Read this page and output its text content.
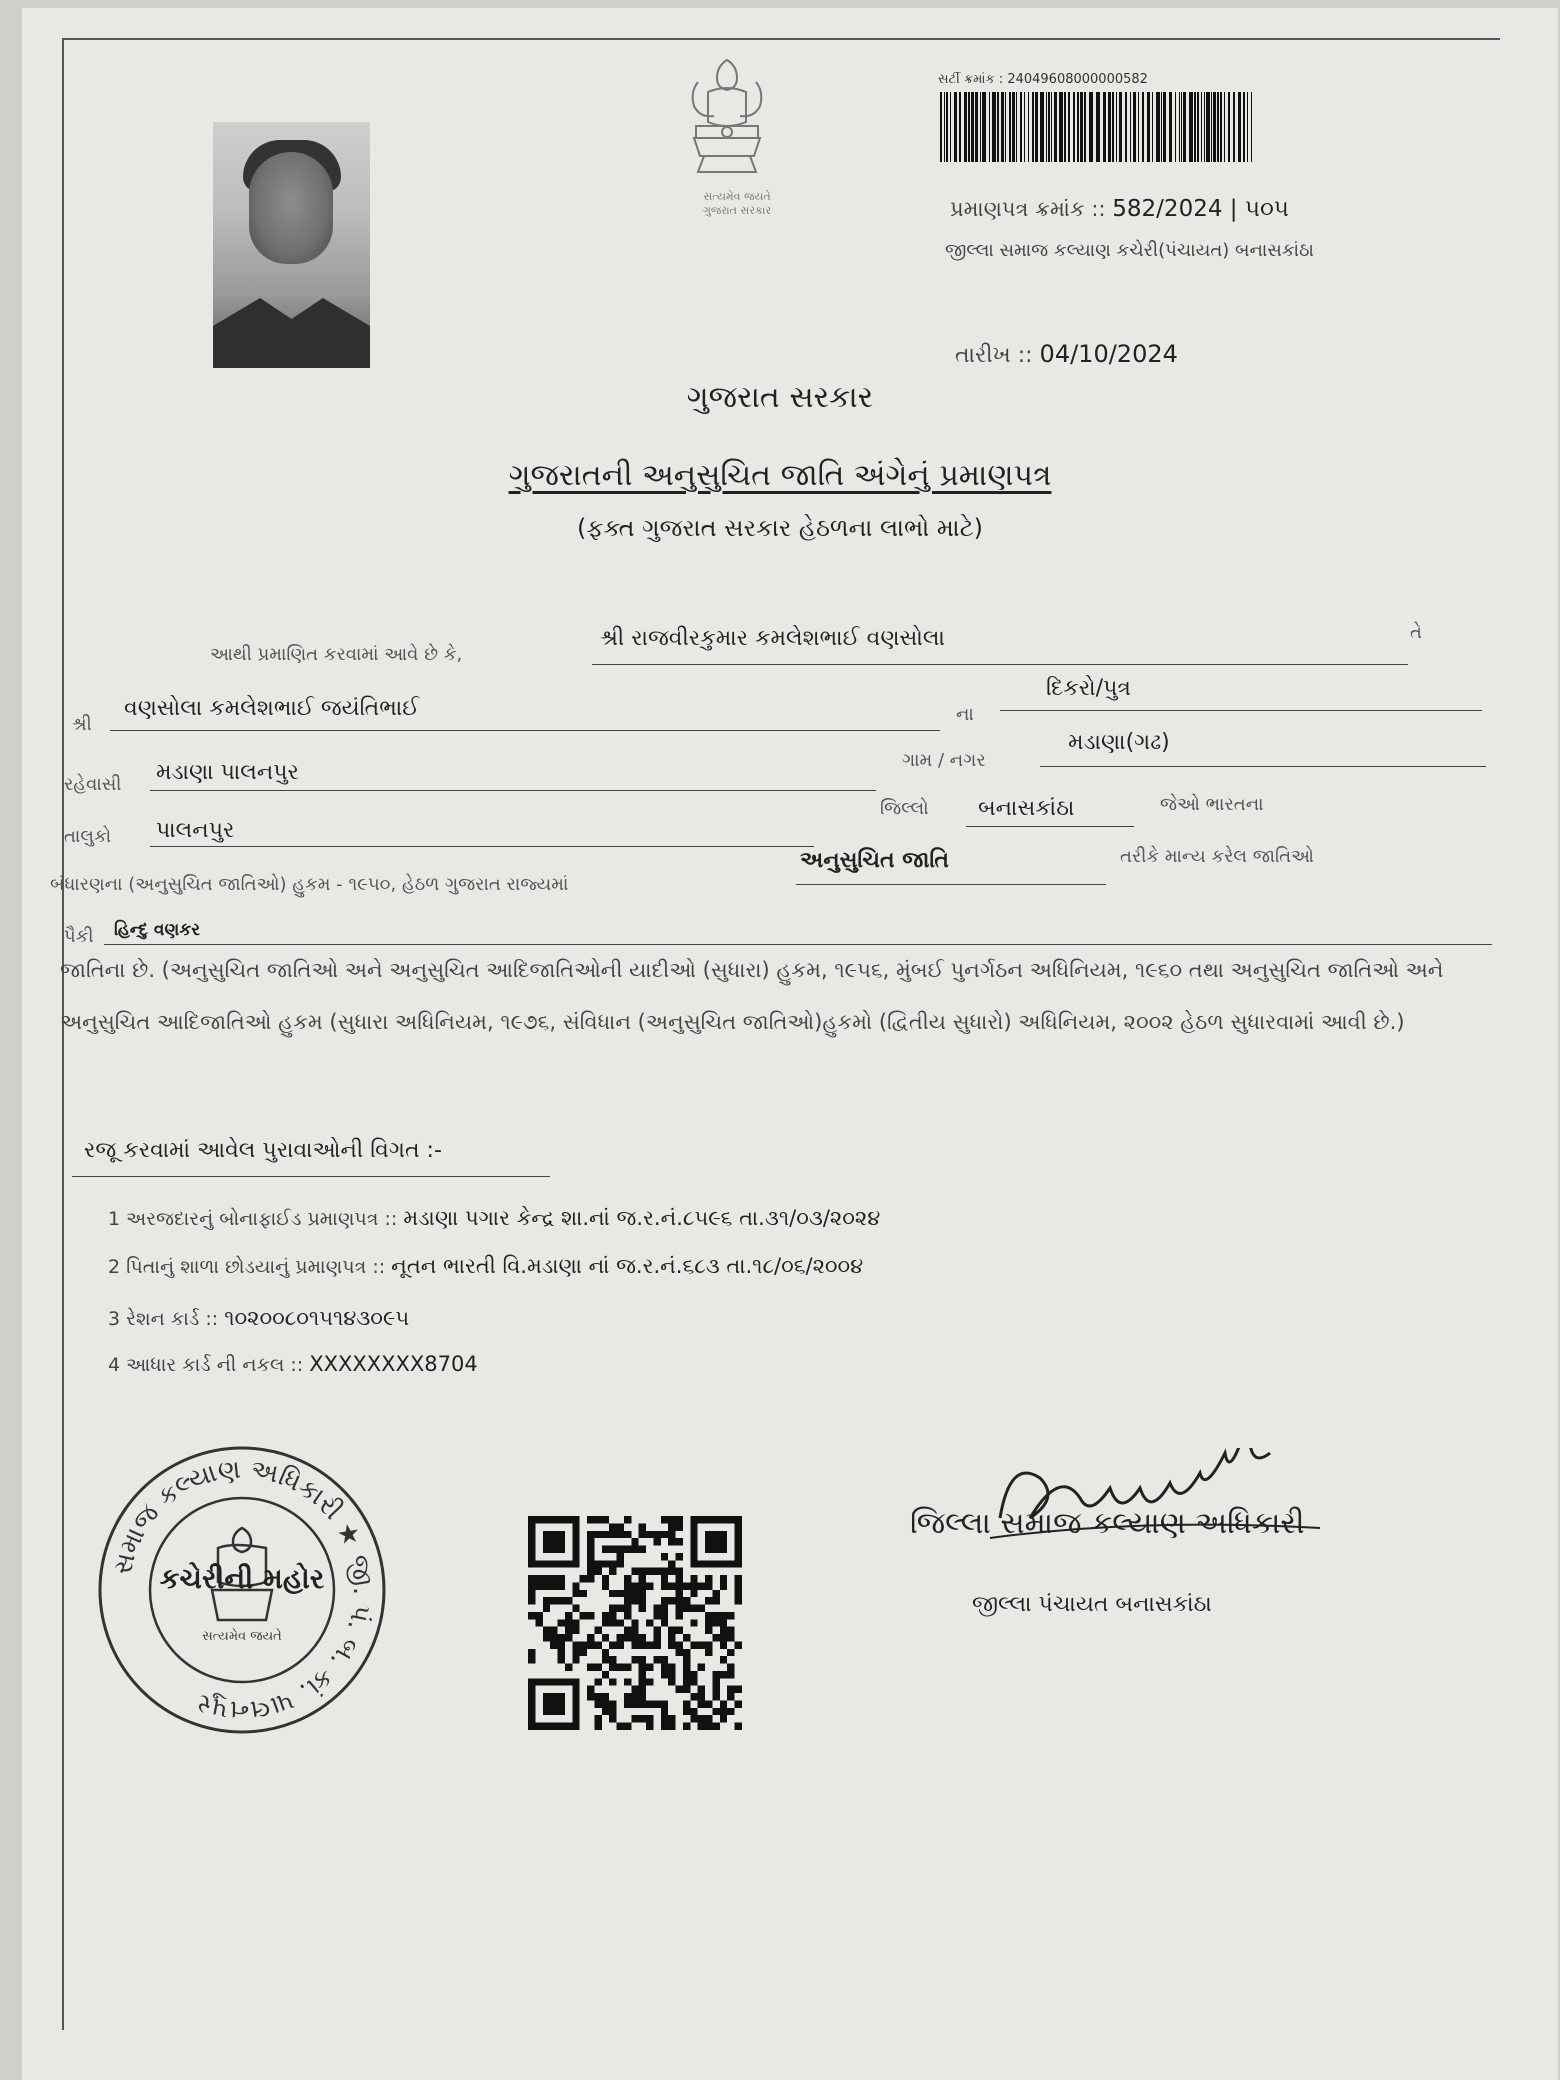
સત્યમેવ જયતે
ગુજરાત સરકાર
સર્ટી ક્રમાંક : 24049608000000582
પ્રમાણપત્ર ક્રમાંક :: 582/2024 | ૫૦૫
જીલ્લા સમાજ કલ્યાણ કચેરી(પંચાયત) બનાસકાંઠા
તારીખ :: 04/10/2024
ગુજરાત સરકાર
ગુજરાતની અનુસુચિત જાતિ અંગેનું પ્રમાણપત્ર
(ફક્ત ગુજરાત સરકાર હેઠળના લાભો માટે)
આથી પ્રમાણિત કરવામાં આવે છે કે,
શ્રી રાજવીરકુમાર કમલેશભાઈ વણસોલા	તે
શ્રી
વણસોલા કમલેશભાઈ જયંતિભાઈ	ના
દિકરો/પુત્ર
રહેવાસી મડાણા પાલનપુર	ગામ / નગર
મડાણા(ગઢ)
તાલુકો પાલનપુર
જિલ્લો બનાસકાંઠા	જેઓ ભારતના
બંધારણના (અનુસુચિત જાતિઓ) હુકમ - ૧૯૫૦, હેઠળ ગુજરાત રાજ્યમાં
અનુસુચિત જાતિ	તરીકે માન્ય કરેલ જાતિઓ
પૈકી હિન્દુ વણકર
જાતિના છે. (અનુસુચિત જાતિઓ અને અનુસુચિત આદિજાતિઓની યાદીઓ (સુધારા) હુકમ, ૧૯૫૬, મુંબઈ પુનર્ગઠન અધિનિયમ, ૧૯૬૦ તથા અનુસુચિત જાતિઓ અને અનુસુચિત આદિજાતિઓ હુકમ (સુધારા અધિનિયમ, ૧૯૭૬, સંવિધાન (અનુસુચિત જાતિઓ)હુકમો (દ્વિતીય સુધારો) અધિનિયમ, ૨૦૦૨ હેઠળ સુધારવામાં આવી છે.)
રજૂ કરવામાં આવેલ પુરાવાઓની વિગત :-
1 અરજદારનું બોનાફાઈડ પ્રમાણપત્ર :: મડાણા પગાર કેન્દ્ર શા.નાં જ.ર.નં.૮૫૯૬ તા.૩૧/૦૩/૨૦૨૪
2 પિતાનું શાળા છોડયાનું પ્રમાણપત્ર :: નૂતન ભારતી વિ.મડાણા નાં જ.ર.નં.૬૮૩ તા.૧૮/૦૬/૨૦૦૪
3 રેશન કાર્ડ :: ૧૦૨૦૦૮૦૧૫૧૪૩૦૯૫
4 આધાર કાર્ડ ની નકલ :: XXXXXXXX8704
સમાજ કલ્યાણ અધિકારી ★ જી. પં. બ. કાં. પાલનપુર
કચેરીની મહોર
સત્યમેવ જયતે
જિલ્લા સમાજ કલ્યાણ અધિકારી
જીલ્લા પંચાયત બનાસકાંઠા
